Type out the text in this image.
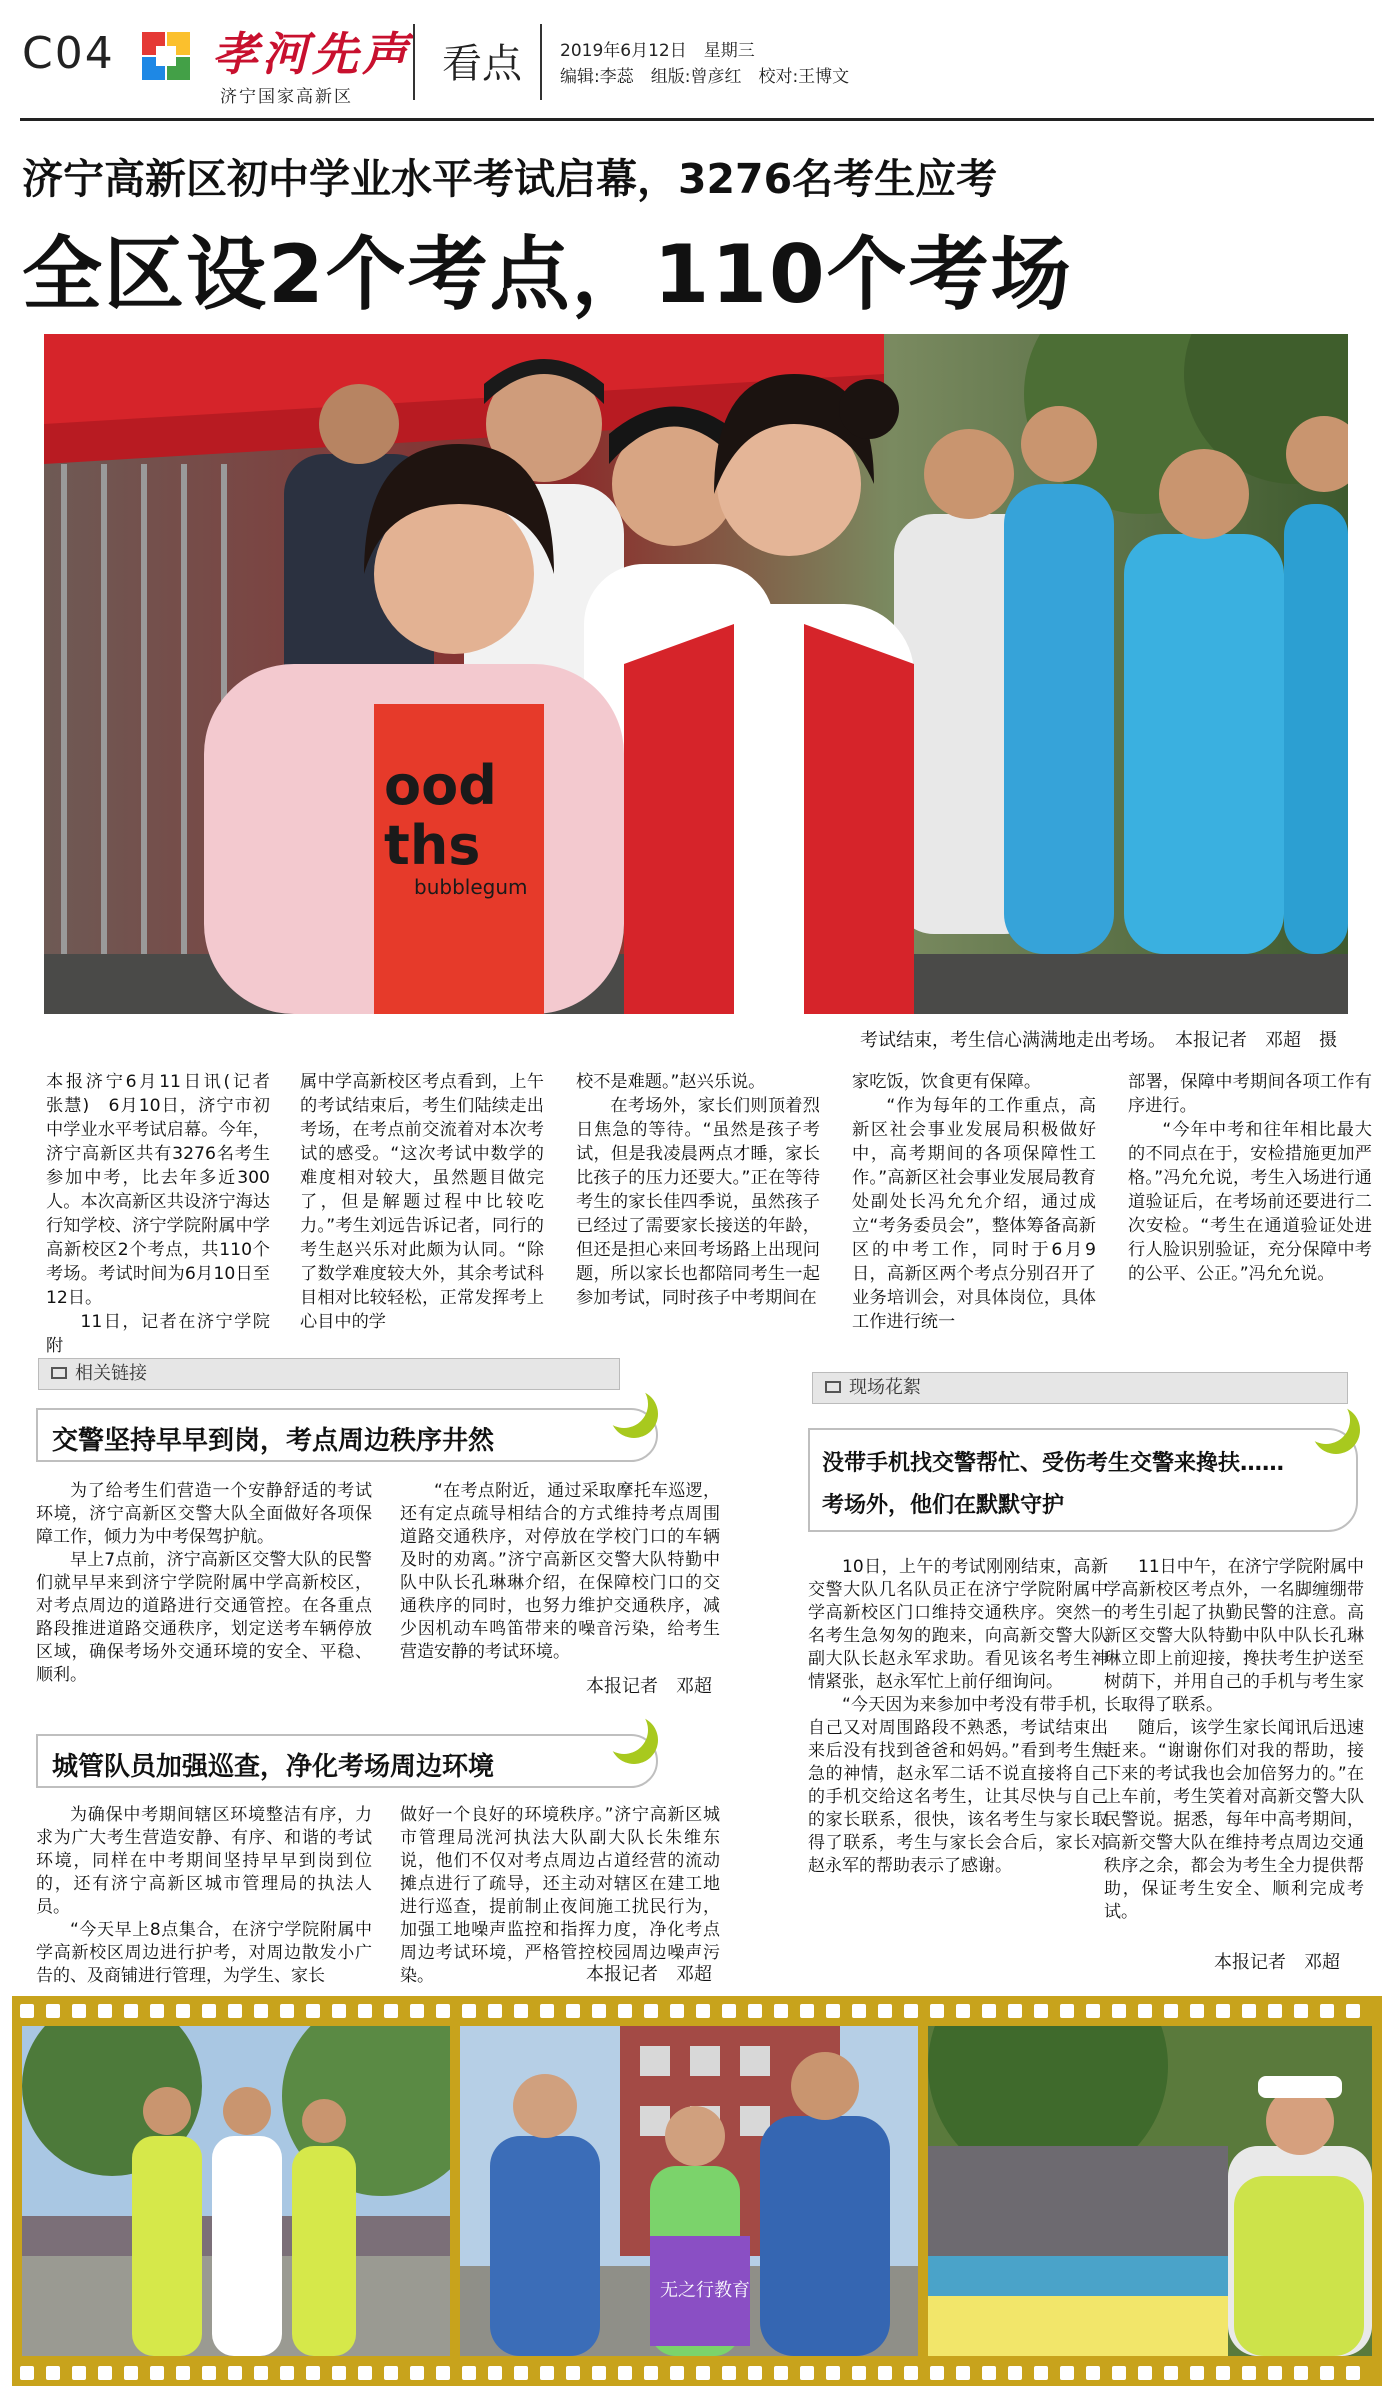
C04 孝河先声
济宁国家高新区
看点 2019年6月12日　星期三
编辑:李蕊　组版:曾彦红　校对:王博文
济宁高新区初中学业水平考试启幕，3276名考生应考
全区设2个考点，110个考场
ood
ths
bubblegum
考试结束，考生信心满满地走出考场。　本报记者　邓超　摄

本报济宁6月11日讯(记者　张慧)　6月10日，济宁市初中学业水平考试启幕。今年，济宁高新区共有3276名考生参加中考，比去年多近300人。本次高新区共设济宁海达行知学校、济宁学院附属中学高新校区2个考点，共110个考场。考试时间为6月10日至12日。

11日，记者在济宁学院附

属中学高新校区考点看到，上午的考试结束后，考生们陆续走出考场，在考点前交流着对本次考试的感受。“这次考试中数学的难度相对较大，虽然题目做完了，但是解题过程中比较吃力。”考生刘远告诉记者，同行的考生赵兴乐对此颇为认同。“除了数学难度较大外，其余考试科目相对比较轻松，正常发挥考上心目中的学

校不是难题。”赵兴乐说。

在考场外，家长们则顶着烈日焦急的等待。“虽然是孩子考试，但是我凌晨两点才睡，家长比孩子的压力还要大。”正在等待考生的家长佳四季说，虽然孩子已经过了需要家长接送的年龄，但还是担心来回考场路上出现问题，所以家长也都陪同考生一起参加考试，同时孩子中考期间在

家吃饭，饮食更有保障。

“作为每年的工作重点，高新区社会事业发展局积极做好中，高考期间的各项保障性工作。”高新区社会事业发展局教育处副处长冯允允介绍，通过成立“考务委员会”，整体筹备高新区的中考工作，同时于6月9日，高新区两个考点分别召开了业务培训会，对具体岗位，具体工作进行统一

部署，保障中考期间各项工作有序进行。

“今年中考和往年相比最大的不同点在于，安检措施更加严格。”冯允允说，考生入场进行通道验证后，在考场前还要进行二次安检。“考生在通道验证处进行人脸识别验证，充分保障中考的公平、公正。”冯允允说。

相关链接
交警坚持早早到岗，考点周边秩序井然

为了给考生们营造一个安静舒适的考试环境，济宁高新区交警大队全面做好各项保障工作，倾力为中考保驾护航。

早上7点前，济宁高新区交警大队的民警们就早早来到济宁学院附属中学高新校区，对考点周边的道路进行交通管控。在各重点路段推进道路交通秩序，划定送考车辆停放区域，确保考场外交通环境的安全、平稳、顺利。

“在考点附近，通过采取摩托车巡逻，还有定点疏导相结合的方式维持考点周围道路交通秩序，对停放在学校门口的车辆及时的劝离。”济宁高新区交警大队特勤中队中队长孔琳琳介绍，在保障校门口的交通秩序的同时，也努力维护交通秩序，减少因机动车鸣笛带来的噪音污染，给考生营造安静的考试环境。

本报记者　邓超
城管队员加强巡查，净化考场周边环境

为确保中考期间辖区环境整洁有序，力求为广大考生营造安静、有序、和谐的考试环境，同样在中考期间坚持早早到岗到位的，还有济宁高新区城市管理局的执法人员。

“今天早上8点集合，在济宁学院附属中学高新校区周边进行护考，对周边散发小广告的、及商铺进行管理，为学生、家长

做好一个良好的环境秩序。”济宁高新区城市管理局洸河执法大队副大队长朱维东说，他们不仅对考点周边占道经营的流动摊点进行了疏导，还主动对辖区在建工地进行巡查，提前制止夜间施工扰民行为，加强工地噪声监控和指挥力度，净化考点周边考试环境，严格管控校园周边噪声污染。	本报记者　邓超
现场花絮
没带手机找交警帮忙、受伤考生交警来搀扶……
考场外，他们在默默守护

10日，上午的考试刚刚结束，高新交警大队几名队员正在济宁学院附属中学高新校区门口维持交通秩序。突然一名考生急匆匆的跑来，向高新交警大队副大队长赵永军求助。看见该名考生神情紧张，赵永军忙上前仔细询问。

“今天因为来参加中考没有带手机，自己又对周围路段不熟悉，考试结束出来后没有找到爸爸和妈妈。”看到考生焦急的神情，赵永军二话不说直接将自己的手机交给这名考生，让其尽快与自己的家长联系，很快，该名考生与家长取得了联系，考生与家长会合后，家长对赵永军的帮助表示了感谢。

11日中午，在济宁学院附属中学高新校区考点外，一名脚缠绷带的考生引起了执勤民警的注意。高新区交警大队特勤中队中队长孔琳琳立即上前迎接，搀扶考生护送至树荫下，并用自己的手机与考生家长取得了联系。

随后，该学生家长闻讯后迅速赶来。“谢谢你们对我的帮助，接下来的考试我也会加倍努力的。”在上车前，考生笑着对高新交警大队民警说。据悉，每年中高考期间，高新交警大队在维持考点周边交通秩序之余，都会为考生全力提供帮助，保证考生安全、顺利完成考试。

本报记者　邓超
无之行教育
